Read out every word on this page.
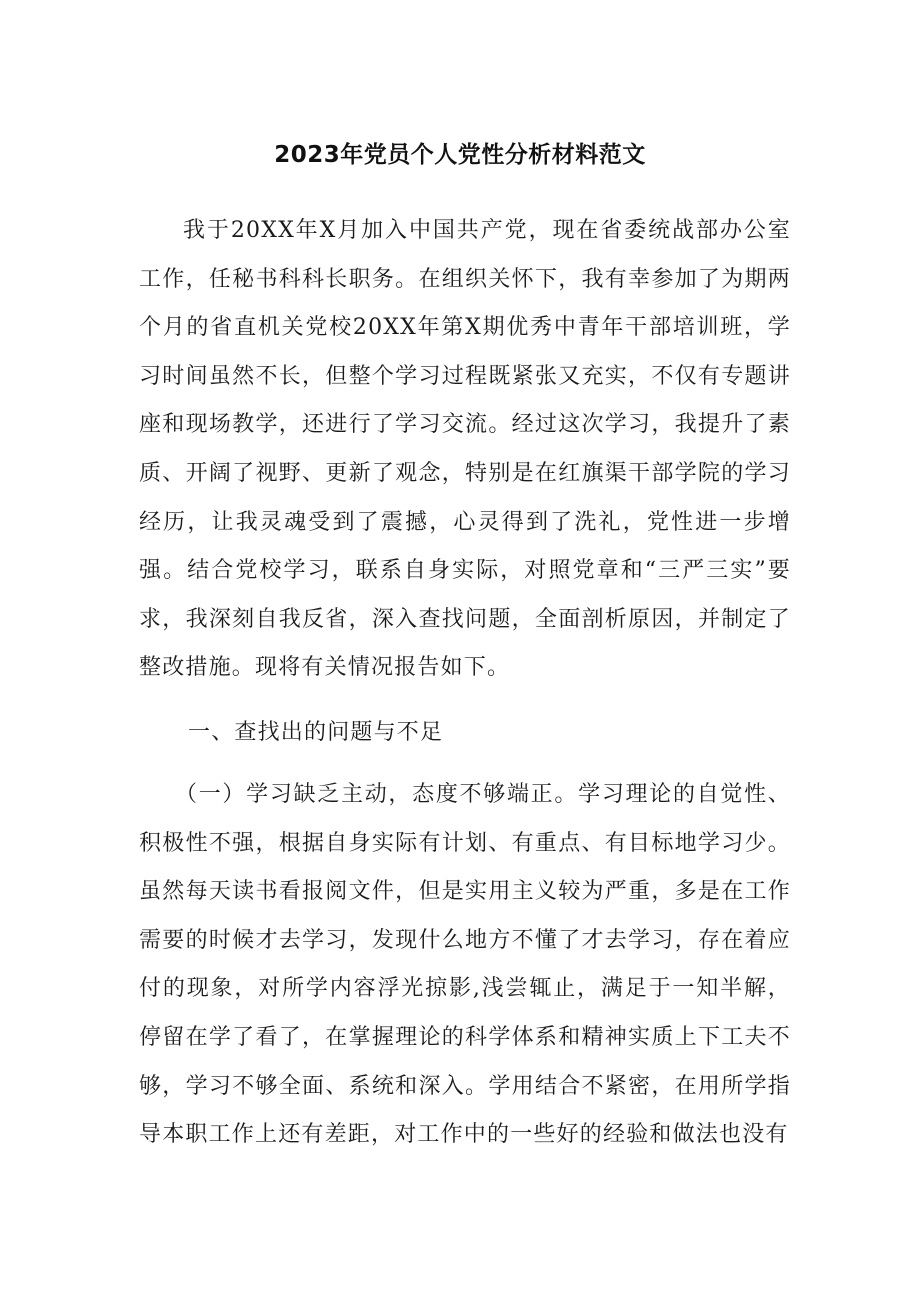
2023年党员个人党性分析材料范文

我于20XX年X月加入中国共产党，现在省委统战部办公室工作，任秘书科科长职务。在组织关怀下，我有幸参加了为期两个月的省直机关党校20XX年第X期优秀中青年干部培训班，学习时间虽然不长，但整个学习过程既紧张又充实，不仅有专题讲座和现场教学，还进行了学习交流。经过这次学习，我提升了素质、开阔了视野、更新了观念，特别是在红旗渠干部学院的学习经历，让我灵魂受到了震撼，心灵得到了洗礼，党性进一步增强。结合党校学习，联系自身实际，对照党章和“三严三实”要求，我深刻自我反省，深入查找问题，全面剖析原因，并制定了整改措施。现将有关情况报告如下。

一、查找出的问题与不足

（一）学习缺乏主动，态度不够端正。学习理论的自觉性、积极性不强，根据自身实际有计划、有重点、有目标地学习少。虽然每天读书看报阅文件，但是实用主义较为严重，多是在工作需要的时候才去学习，发现什么地方不懂了才去学习，存在着应付的现象，对所学内容浮光掠影,浅尝辄止，满足于一知半解，停留在学了看了，在掌握理论的科学体系和精神实质上下工夫不够，学习不够全面、系统和深入。学用结合不紧密，在用所学指导本职工作上还有差距，对工作中的一些好的经验和做法也没有
